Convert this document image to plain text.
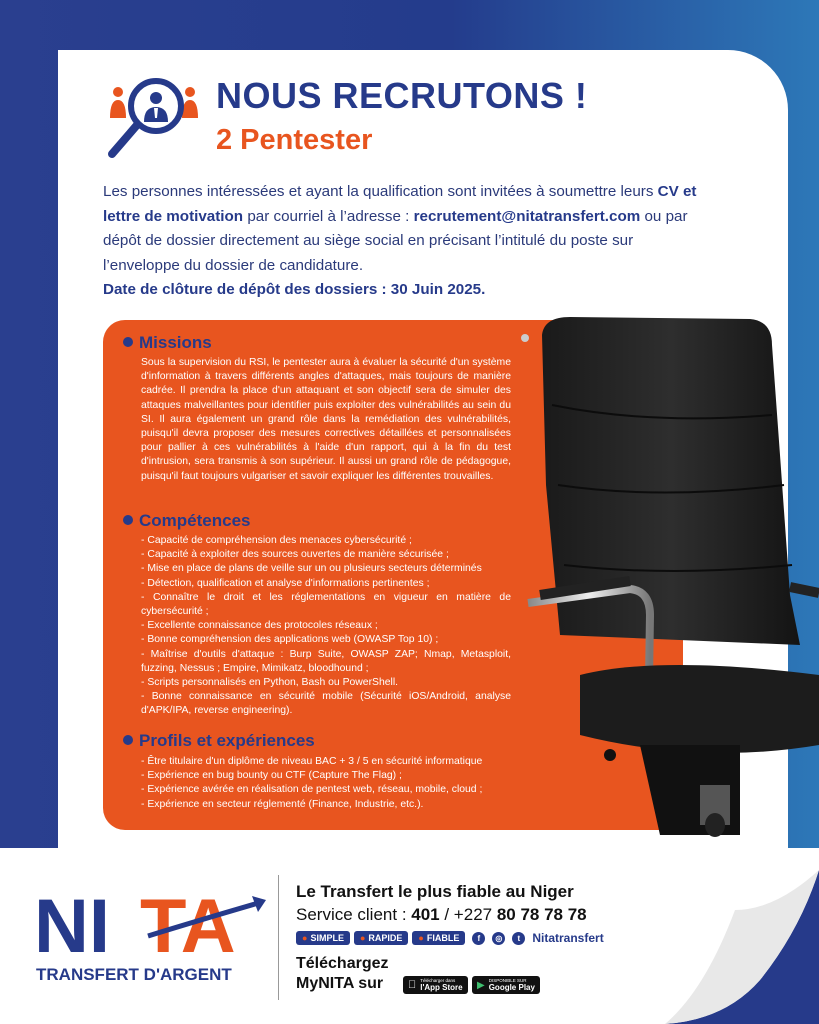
NOUS RECRUTONS !
2 Pentester
Les personnes intéressées et ayant la qualification sont invitées à soumettre leurs CV et lettre de motivation par courriel à l’adresse : recrutement@nitatransfert.com ou par dépôt de dossier directement au siège social en précisant l’intitulé du poste sur l’enveloppe du dossier de candidature.
Date de clôture de dépôt des dossiers : 30 Juin 2025.
Missions
Sous la supervision du RSI, le pentester aura à évaluer la sécurité d'un système d'information à travers différents angles d'attaques, mais toujours de manière cadrée. Il prendra la place d'un attaquant et son objectif sera de simuler des attaques malveillantes pour identifier puis exploiter des vulnérabilités au sein du SI. Il aura également un grand rôle dans la remédiation des vulnérabilités, puisqu'il devra proposer des mesures correctives détaillées et personnalisées pour pallier à ces vulnérabilités à l'aide d'un rapport, qui à la fin du test d'intrusion, sera transmis à son supérieur. Il aussi un grand rôle de pédagogue, puisqu'il faut toujours vulgariser et savoir expliquer les différentes trouvailles.
Compétences
- Capacité de compréhension des menaces cybersécurité ;
- Capacité à exploiter des sources ouvertes de manière sécurisée ;
- Mise en place de plans de veille sur un ou plusieurs secteurs déterminés
- Détection, qualification et analyse d'informations pertinentes ;
- Connaître le droit et les réglementations en vigueur en matière de cybersécurité ;
- Excellente connaissance des protocoles réseaux ;
- Bonne compréhension des applications web (OWASP Top 10) ;
- Maîtrise d'outils d'attaque : Burp Suite, OWASP ZAP; Nmap, Metasploit, fuzzing, Nessus ; Empire, Mimikatz, bloodhound ;
- Scripts personnalisés en Python, Bash ou PowerShell.
- Bonne connaissance en sécurité mobile (Sécurité iOS/Android, analyse d'APK/IPA, reverse engineering).
Profils et expériences
- Être titulaire d'un diplôme de niveau BAC + 3 / 5 en sécurité informatique
- Expérience en bug bounty ou CTF (Capture The Flag) ;
- Expérience avérée en réalisation de pentest web, réseau, mobile, cloud ;
- Expérience en secteur réglementé (Finance, Industrie, etc.).
NI TA
TRANSFERT D'ARGENT
Le Transfert le plus fiable au Niger
Service client : 401 / +227 80 78 78 78
● SIMPLE	● RAPIDE	● FIABLE	f	◎	t	Nitatransfert
Téléchargez
MyNITA sur	Télécharger dans
l'App Store ▶ DISPONIBLE SUR
Google Play
